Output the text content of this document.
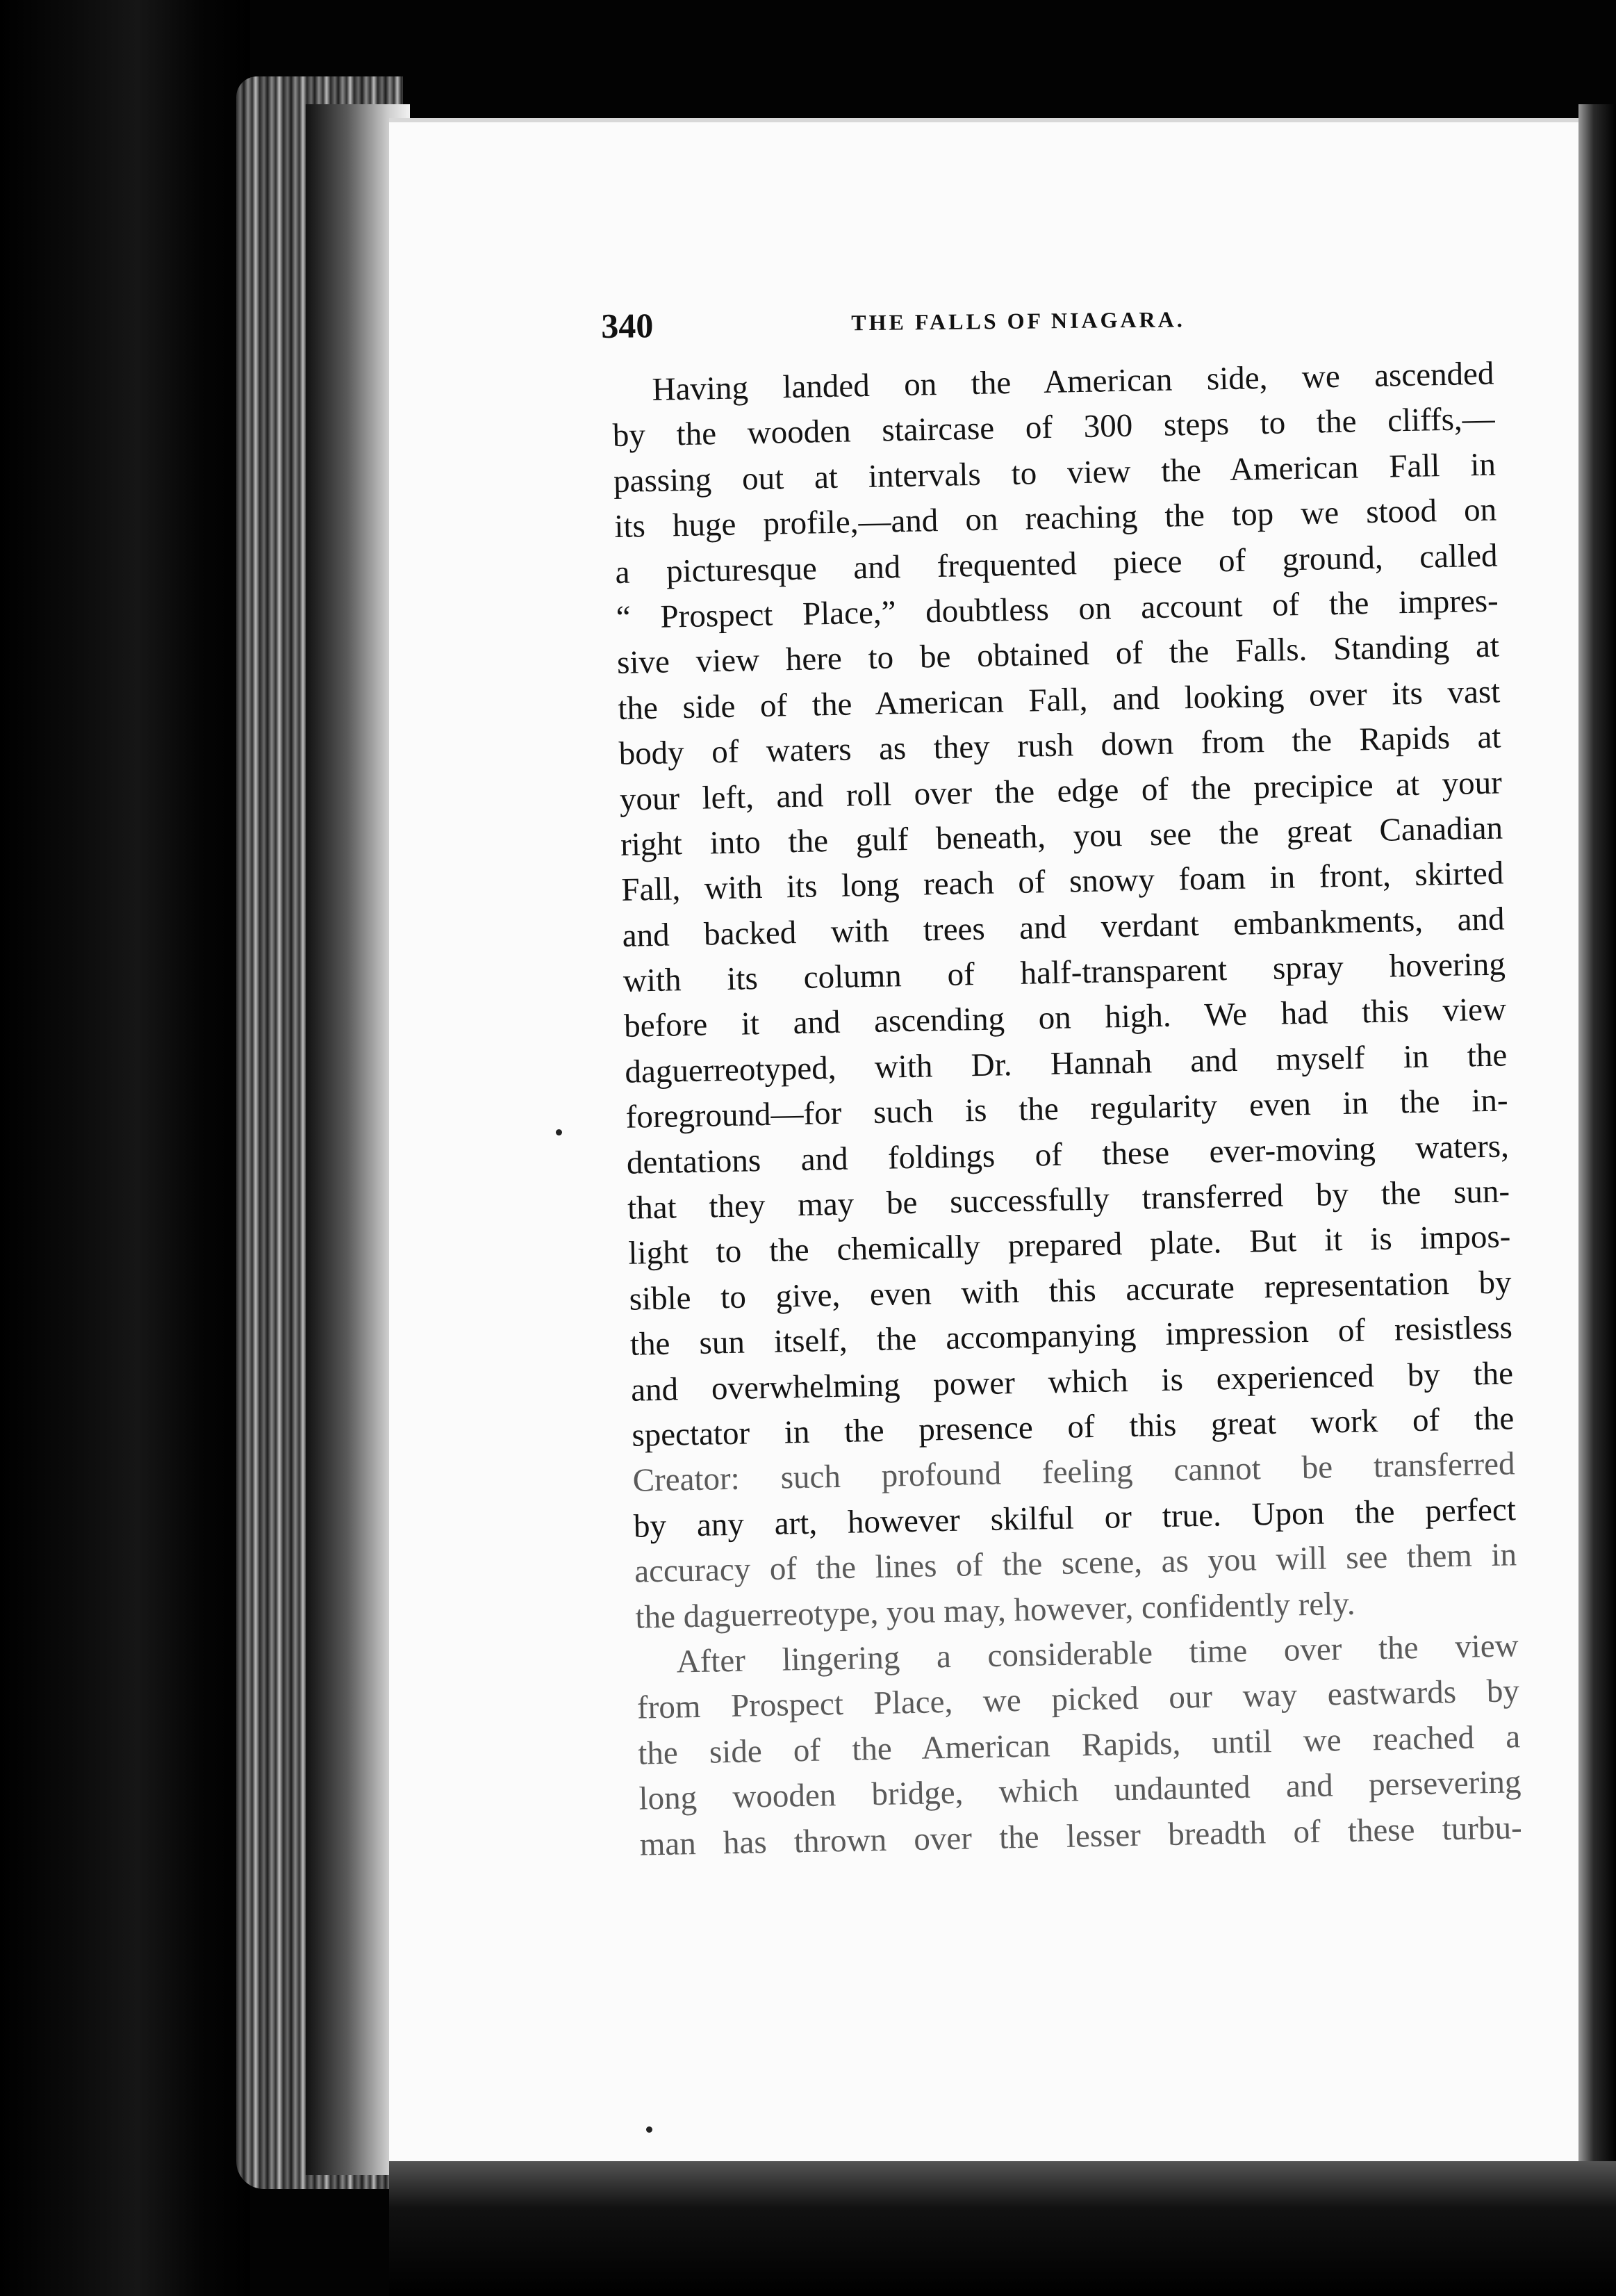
340	THE FALLS OF NIAGARA.
Having landed on the American side, we ascended
by the wooden staircase of 300 steps to the cliffs,—
passing out at intervals to view the American Fall in
its huge profile,—and on reaching the top we stood on
a picturesque and frequented piece of ground, called
“ Prospect Place,” doubtless on account of the impres-
sive view here to be obtained of the Falls. Standing at
the side of the American Fall, and looking over its vast
body of waters as they rush down from the Rapids at
your left, and roll over the edge of the precipice at your
right into the gulf beneath, you see the great Canadian
Fall, with its long reach of snowy foam in front, skirted
and backed with trees and verdant embankments, and
with its column of half-transparent spray hovering
before it and ascending on high. We had this view
daguerreotyped, with Dr. Hannah and myself in the
foreground—for such is the regularity even in the in-
dentations and foldings of these ever-moving waters,
that they may be successfully transferred by the sun-
light to the chemically prepared plate. But it is impos-
sible to give, even with this accurate representation by
the sun itself, the accompanying impression of resistless
and overwhelming power which is experienced by the
spectator in the presence of this great work of the
Creator: such profound feeling cannot be transferred
by any art, however skilful or true. Upon the perfect
accuracy of the lines of the scene, as you will see them in
the daguerreotype, you may, however, confidently rely.
After lingering a considerable time over the view
from Prospect Place, we picked our way eastwards by
the side of the American Rapids, until we reached a
long wooden bridge, which undaunted and persevering
man has thrown over the lesser breadth of these turbu-
